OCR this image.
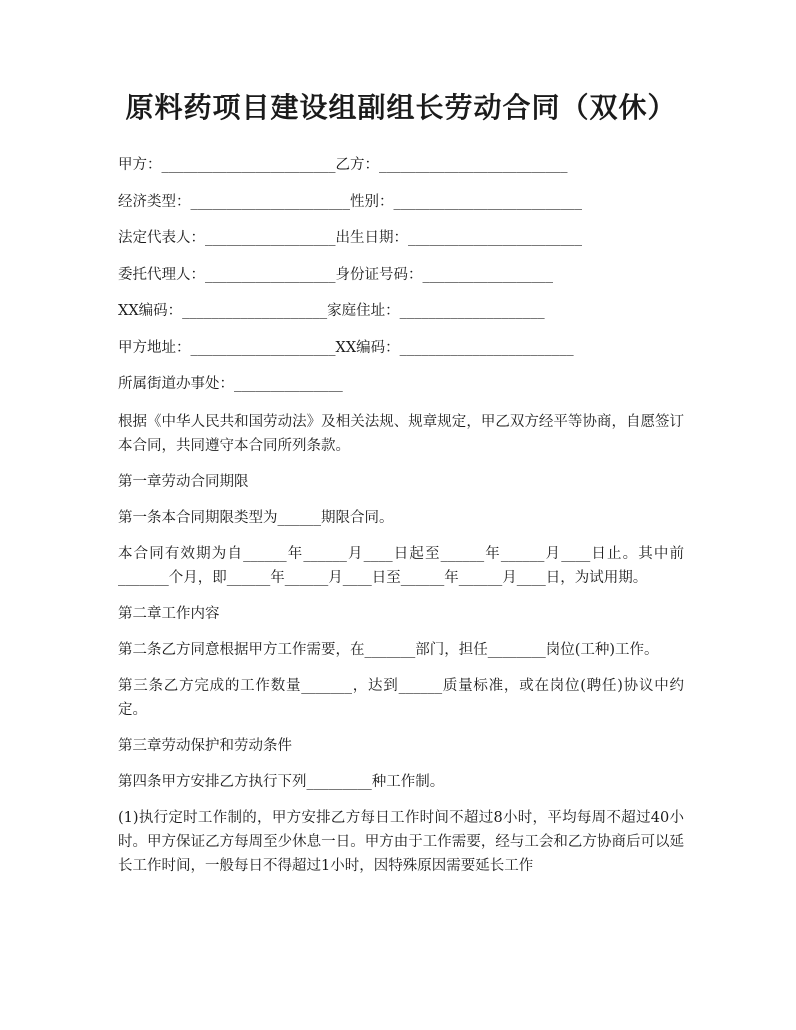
原料药项目建设组副组长劳动合同（双休）
甲方：________________________乙方：__________________________
经济类型：______________________性别：__________________________
法定代表人：__________________出生日期：________________________
委托代理人：__________________身份证号码：__________________
XX编码：____________________家庭住址：____________________
甲方地址：____________________XX编码：________________________
所属街道办事处：_______________

根据《中华人民共和国劳动法》及相关法规、规章规定，甲乙双方经平等协商，自愿签订本合同，共同遵守本合同所列条款。

第一章劳动合同期限

第一条本合同期限类型为______期限合同。

本合同有效期为自______年______月____日起至______年______月____日止。其中前_______个月，即______年______月____日至______年______月____日，为试用期。

第二章工作内容

第二条乙方同意根据甲方工作需要，在_______部门，担任________岗位(工种)工作。

第三条乙方完成的工作数量_______，达到______质量标准，或在岗位(聘任)协议中约定。

第三章劳动保护和劳动条件

第四条甲方安排乙方执行下列_________种工作制。

(1)执行定时工作制的，甲方安排乙方每日工作时间不超过8小时，平均每周不超过40小时。甲方保证乙方每周至少休息一日。甲方由于工作需要，经与工会和乙方协商后可以延长工作时间，一般每日不得超过1小时，因特殊原因需要延长工作
